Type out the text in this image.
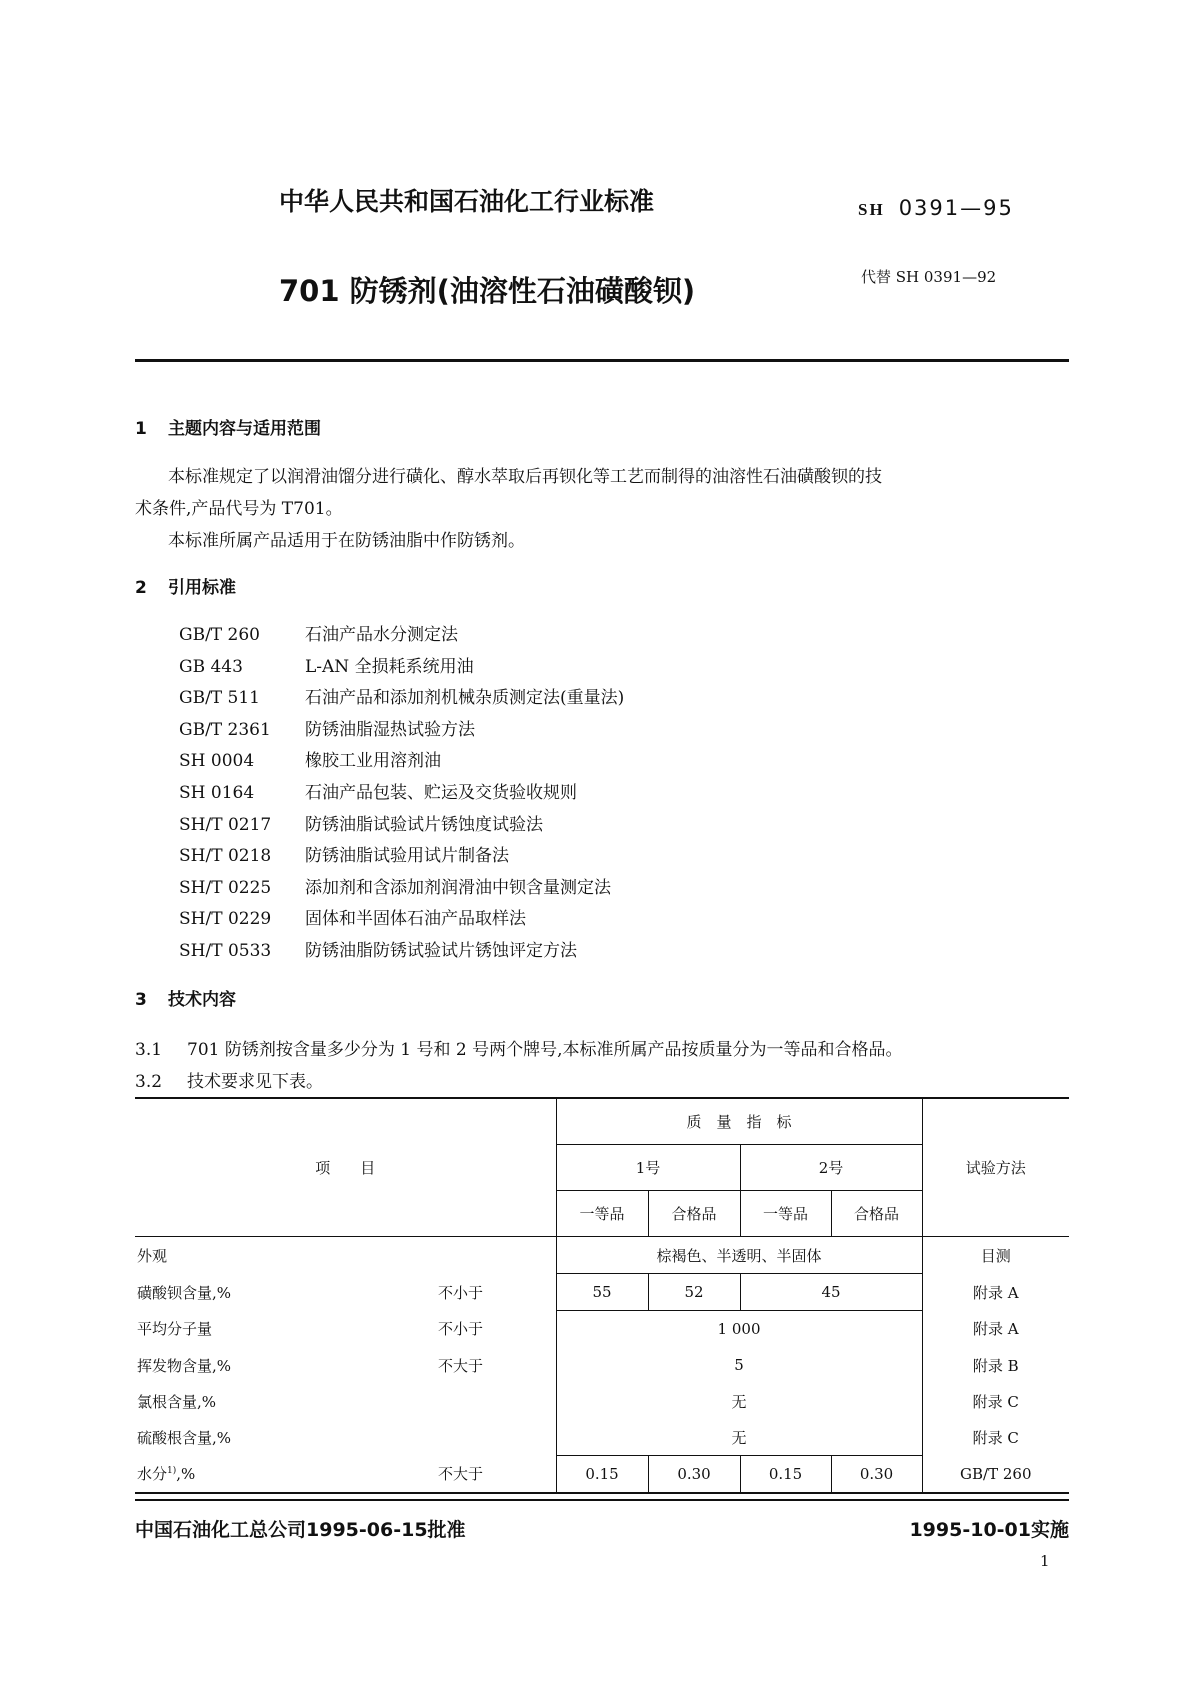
中华人民共和国石油化工行业标准	SH 0391—95
701 防锈剂(油溶性石油磺酸钡)	代替 SH 0391—92
1 主题内容与适用范围
本标准规定了以润滑油馏分进行磺化、醇水萃取后再钡化等工艺而制得的油溶性石油磺酸钡的技
术条件,产品代号为 T701。
本标准所属产品适用于在防锈油脂中作防锈剂。
2 引用标准
GB/T 260	石油产品水分测定法
GB 443	L-AN 全损耗系统用油
GB/T 511	石油产品和添加剂机械杂质测定法(重量法)
GB/T 2361 防锈油脂湿热试验方法
SH 0004	橡胶工业用溶剂油
SH 0164	石油产品包装、贮运及交货验收规则
SH/T 0217 防锈油脂试验试片锈蚀度试验法
SH/T 0218 防锈油脂试验用试片制备法
SH/T 0225 添加剂和含添加剂润滑油中钡含量测定法
SH/T 0229 固体和半固体石油产品取样法
SH/T 0533 防锈油脂防锈试验试片锈蚀评定方法
3 技术内容
3.1 701 防锈剂按含量多少分为 1 号和 2 号两个牌号,本标准所属产品按质量分为一等品和合格品。
3.2 技术要求见下表。
项　　目		质　量　指　标				试验方法
		1号		2号		
		一等品	合格品	一等品	合格品	
外观		棕褐色、半透明、半固体				目测
磺酸钡含量,%	不小于	55	52	45		附录 A
平均分子量	不小于	1 000				附录 A
挥发物含量,%	不大于	5				附录 B
氯根含量,%		无				附录 C
硫酸根含量,%		无				附录 C
水分$^{1)}$,%	不大于	0.15	0.30	0.15	0.30	GB/T 260
中国石油化工总公司1995-06-15批准	1995-10-01实施
1
